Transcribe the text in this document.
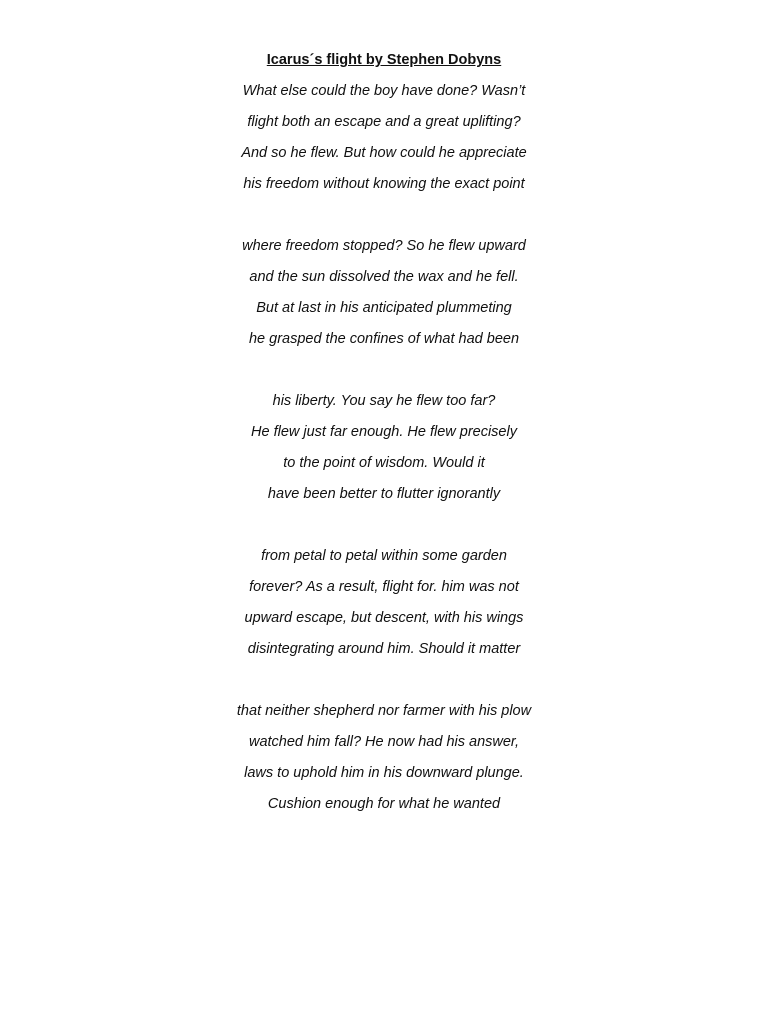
Icarus´s flight by Stephen Dobyns
What else could the boy have done? Wasn’t
flight both an escape and a great uplifting?
And so he flew. But how could he appreciate
his freedom without knowing the exact point
where freedom stopped? So he flew upward
and the sun dissolved the wax and he fell.
But at last in his anticipated plummeting
he grasped the confines of what had been
his liberty. You say he flew too far?
He flew just far enough. He flew precisely
to the point of wisdom. Would it
have been better to flutter ignorantly
from petal to petal within some garden
forever? As a result, flight for. him was not
upward escape, but descent, with his wings
disintegrating around him. Should it matter
that neither shepherd nor farmer with his plow
watched him fall? He now had his answer,
laws to uphold him in his downward plunge.
Cushion enough for what he wanted
